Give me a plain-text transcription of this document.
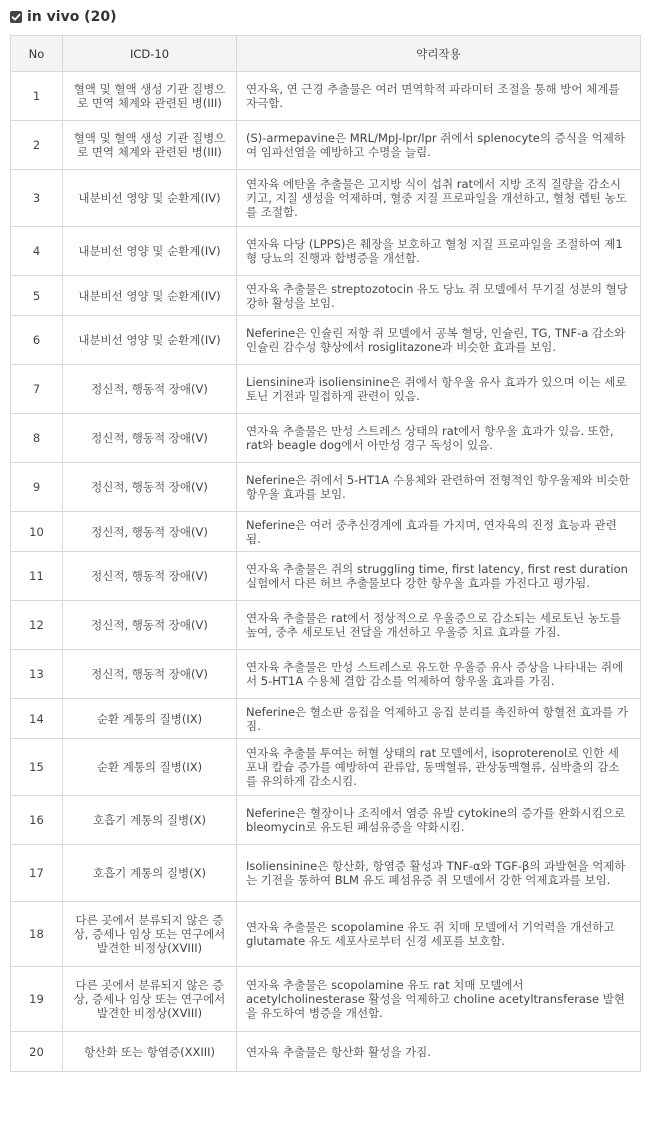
in vivo (20)
No	ICD-10	약리작용
1	혈액 및 혈액 생성 기관 질병으로 면역 체계와 관련된 병(III)	연자육, 연 근경 추출물은 여러 면역학적 파라미터 조절을 통해 방어 체계를 자극함.
2	혈액 및 혈액 생성 기관 질병으로 면역 체계와 관련된 병(III)	(S)-armepavine은 MRL/MpJ-lpr/lpr 쥐에서 splenocyte의 증식을 억제하여 임파선염을 예방하고 수명을 늘림.
3	내분비선 영양 및 순환계(IV)	연자육 에탄올 추출물은 고지방 식이 섭취 rat에서 지방 조직 질량을 감소시키고, 지질 생성을 억제하며, 혈중 지질 프로파일을 개선하고, 혈청 렙틴 농도를 조절함.
4	내분비선 영양 및 순환계(IV)	연자육 다당 (LPPS)은 췌장을 보호하고 혈청 지질 프로파일을 조절하여 제1형 당뇨의 진행과 합병증을 개선함.
5	내분비선 영양 및 순환계(IV)	연자육 추출물은 streptozotocin 유도 당뇨 쥐 모델에서 무기질 성분의 혈당강하 활성을 보임.
6	내분비선 영양 및 순환계(IV)	Neferine은 인슐린 저항 쥐 모델에서 공복 혈당, 인슐린, TG, TNF-a 감소와 인슐린 감수성 향상에서 rosiglitazone과 비슷한 효과를 보임.
7	정신적, 행동적 장애(V)	Liensinine과 isoliensinine은 쥐에서 항우울 유사 효과가 있으며 이는 세로토닌 기전과 밀접하게 관련이 있음.
8	정신적, 행동적 장애(V)	연자육 추출물은 만성 스트레스 상태의 rat에서 항우울 효과가 있음. 또한, rat와 beagle dog에서 아만성 경구 독성이 있음.
9	정신적, 행동적 장애(V)	Neferine은 쥐에서 5-HT1A 수용체와 관련하여 전형적인 항우울제와 비슷한 항우울 효과를 보임.
10	정신적, 행동적 장애(V)	Neferine은 여러 중추신경계에 효과를 가지며, 연자육의 진정 효능과 관련됨.
11	정신적, 행동적 장애(V)	연자육 추출물은 쥐의 struggling time, first latency, first rest duration 실험에서 다른 허브 추출물보다 강한 항우울 효과를 가진다고 평가됨.
12	정신적, 행동적 장애(V)	연자육 추출물은 rat에서 정상적으로 우울증으로 감소되는 세로토닌 농도를 높여, 중추 세로토닌 전달을 개선하고 우울증 치료 효과를 가짐.
13	정신적, 행동적 장애(V)	연자육 추출물은 만성 스트레스로 유도한 우울증 유사 증상을 나타내는 쥐에서 5-HT1A 수용체 결합 감소를 억제하여 항우울 효과를 가짐.
14	순환 계통의 질병(IX)	Neferine은 혈소판 응집을 억제하고 응집 분리를 촉진하여 항혈전 효과를 가짐.
15	순환 계통의 질병(IX)	연자육 추출물 투여는 허혈 상태의 rat 모델에서, isoproterenol로 인한 세포내 칼슘 증가를 예방하여 관류압, 동맥혈류, 관상동맥혈류, 심박출의 감소를 유의하게 감소시킴.
16	호흡기 계통의 질병(X)	Neferine은 혈장이나 조직에서 염증 유발 cytokine의 증가를 완화시킴으로 bleomycin로 유도된 폐섬유증을 약화시킴.
17	호흡기 계통의 질병(X)	Isoliensinine은 항산화, 항염증 활성과 TNF-α와 TGF-β의 과발현을 억제하는 기전을 통하여 BLM 유도 폐섬유증 쥐 모델에서 강한 억제효과를 보임.
18	다른 곳에서 분류되지 않은 증상, 증세나 임상 또는 연구에서 발견한 비정상(XVIII)	연자육 추출물은 scopolamine 유도 쥐 치매 모델에서 기억력을 개선하고 glutamate 유도 세포사로부터 신경 세포를 보호함.
19	다른 곳에서 분류되지 않은 증상, 증세나 임상 또는 연구에서 발견한 비정상(XVIII)	연자육 추출물은 scopolamine 유도 rat 치매 모델에서 acetylcholinesterase 활성을 억제하고 choline acetyltransferase 발현을 유도하여 병증을 개선함.
20	항산화 또는 항염증(XXIII)	연자육 추출물은 항산화 활성을 가짐.
